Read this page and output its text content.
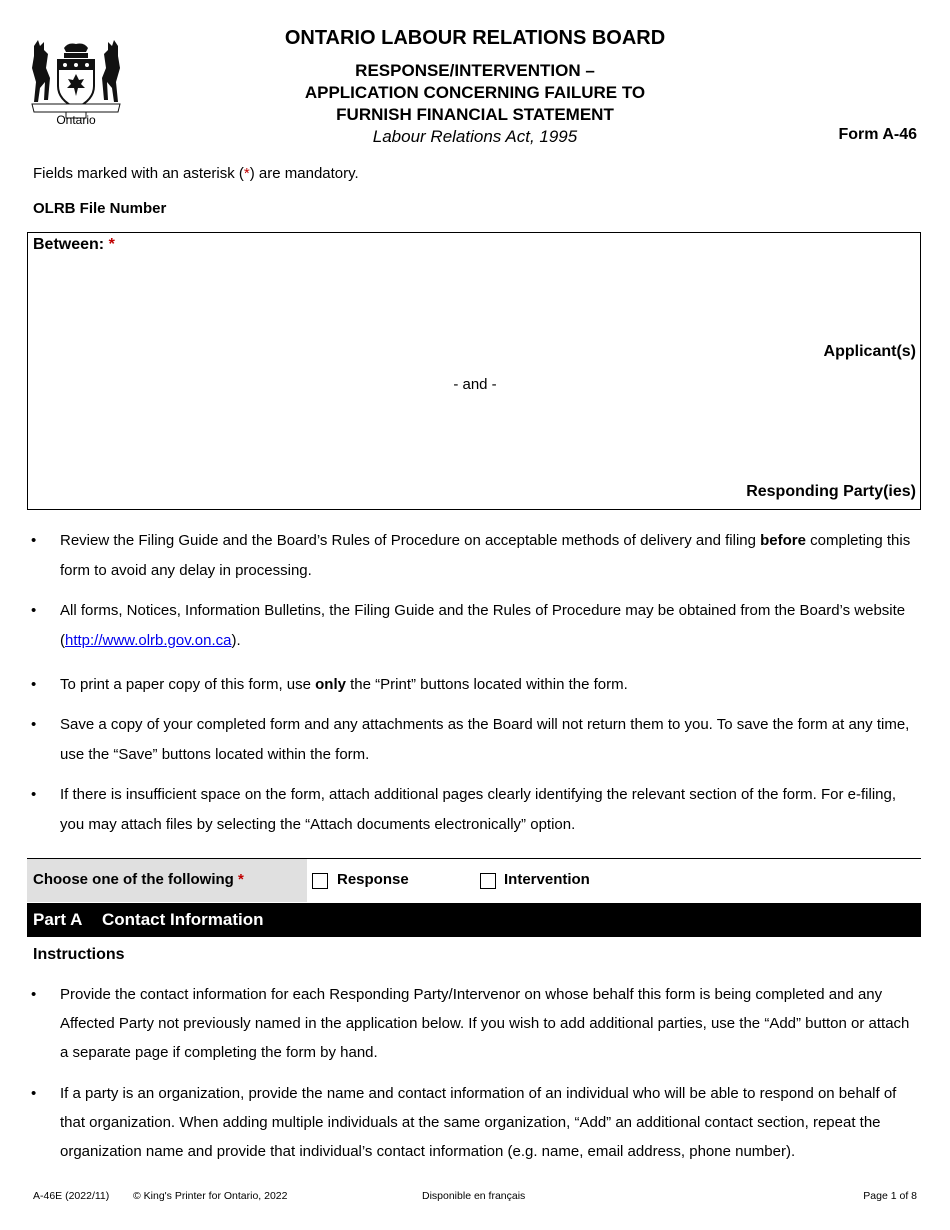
Ontario
ONTARIO LABOUR RELATIONS BOARD
RESPONSE/INTERVENTION –
APPLICATION CONCERNING FAILURE TO
FURNISH FINANCIAL STATEMENT
Labour Relations Act, 1995	Form A-46
Fields marked with an asterisk (*) are mandatory.
OLRB File Number
Between: *
Applicant(s)
- and -
Responding Party(ies)
• Review the Filing Guide and the Board’s Rules of Procedure on acceptable methods of delivery and filing before completing this form to avoid any delay in processing.
• All forms, Notices, Information Bulletins, the Filing Guide and the Rules of Procedure may be obtained from the Board’s website (http://www.olrb.gov.on.ca).
• To print a paper copy of this form, use only the “Print” buttons located within the form.
• Save a copy of your completed form and any attachments as the Board will not return them to you. To save the form at any time, use the “Save” buttons located within the form.
• If there is insufficient space on the form, attach additional pages clearly identifying the relevant section of the form. For e-filing, you may attach files by selecting the “Attach documents electronically” option.
Choose one of the following *	Response	Intervention
Part A Contact Information
Instructions
• Provide the contact information for each Responding Party/Intervenor on whose behalf this form is being completed and any Affected Party not previously named in the application below. If you wish to add additional parties, use the “Add” button or attach a separate page if completing the form by hand.
• If a party is an organization, provide the name and contact information of an individual who will be able to respond on behalf of that organization. When adding multiple individuals at the same organization, “Add” an additional contact section, repeat the organization name and provide that individual’s contact information (e.g. name, email address, phone number).
A-46E (2022/11) © King's Printer for Ontario, 2022	Disponible en français	Page 1 of 8
